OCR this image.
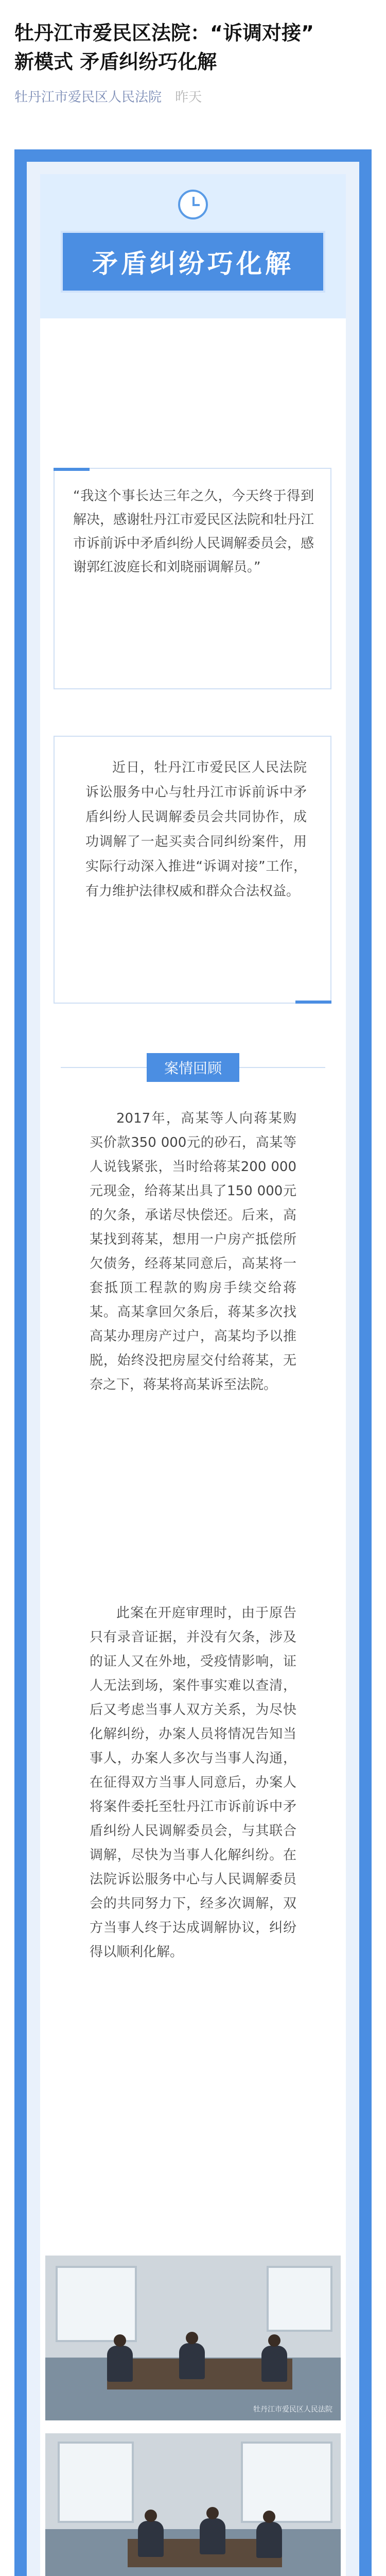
牡丹江市爱民区法院：“诉调对接”
新模式 矛盾纠纷巧化解
牡丹江市爱民区人民法院 昨天
矛盾纠纷巧化解
“我这个事长达三年之久，今天终于得到解决，感谢牡丹江市爱民区法院和牡丹江市诉前诉中矛盾纠纷人民调解委员会，感谢郭红波庭长和刘晓丽调解员。”
近日，牡丹江市爱民区人民法院诉讼服务中心与牡丹江市诉前诉中矛盾纠纷人民调解委员会共同协作，成功调解了一起买卖合同纠纷案件，用实际行动深入推进“诉调对接”工作，有力维护法律权威和群众合法权益。
案情回顾
2017年，高某等人向蒋某购买价款350 000元的砂石，高某等人说钱紧张，当时给蒋某200 000元现金，给蒋某出具了150 000元的欠条，承诺尽快偿还。后来，高某找到蒋某，想用一户房产抵偿所欠债务，经蒋某同意后，高某将一套抵顶工程款的购房手续交给蒋某。高某拿回欠条后，蒋某多次找高某办理房产过户，高某均予以推脱，始终没把房屋交付给蒋某，无奈之下，蒋某将高某诉至法院。
此案在开庭审理时，由于原告只有录音证据，并没有欠条，涉及的证人又在外地，受疫情影响，证人无法到场，案件事实难以查清，后又考虑当事人双方关系，为尽快化解纠纷，办案人员将情况告知当事人，办案人多次与当事人沟通，在征得双方当事人同意后，办案人将案件委托至牡丹江市诉前诉中矛盾纠纷人民调解委员会，与其联合调解，尽快为当事人化解纠纷。在法院诉讼服务中心与人民调解委员会的共同努力下，经多次调解，双方当事人终于达成调解协议，纠纷得以顺利化解。
牡丹江市爱民区人民法院
